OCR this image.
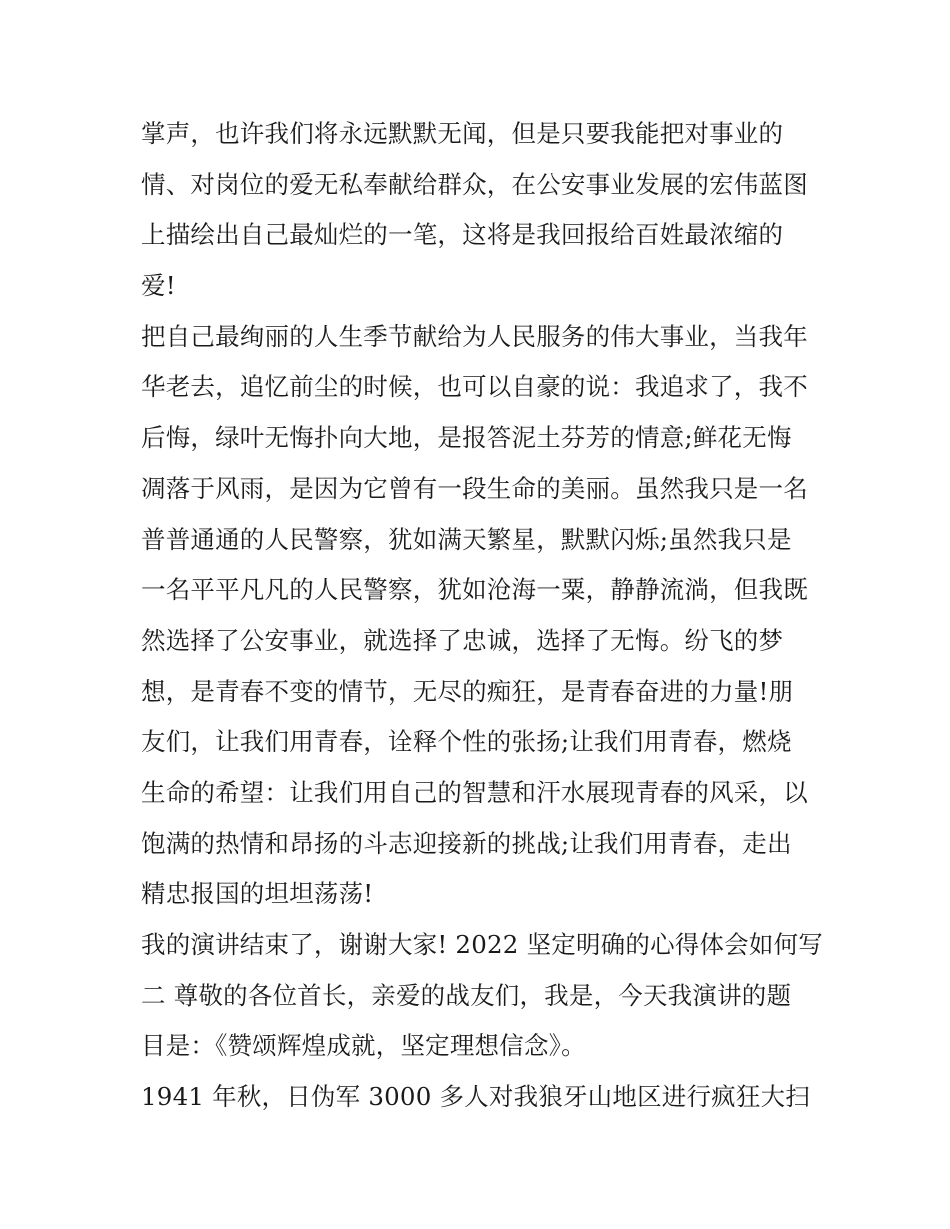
掌声，也许我们将永远默默无闻，但是只要我能把对事业的
情、对岗位的爱无私奉献给群众，在公安事业发展的宏伟蓝图
上描绘出自己最灿烂的一笔，这将是我回报给百姓最浓缩的
爱!
把自己最绚丽的人生季节献给为人民服务的伟大事业，当我年
华老去，追忆前尘的时候，也可以自豪的说：我追求了，我不
后悔，绿叶无悔扑向大地，是报答泥土芬芳的情意;鲜花无悔
凋落于风雨，是因为它曾有一段生命的美丽。虽然我只是一名
普普通通的人民警察，犹如满天繁星，默默闪烁;虽然我只是
一名平平凡凡的人民警察，犹如沧海一粟，静静流淌，但我既
然选择了公安事业，就选择了忠诚，选择了无悔。纷飞的梦
想，是青春不变的情节，无尽的痴狂，是青春奋进的力量!朋
友们，让我们用青春，诠释个性的张扬;让我们用青春，燃烧
生命的希望：让我们用自己的智慧和汗水展现青春的风采，以
饱满的热情和昂扬的斗志迎接新的挑战;让我们用青春，走出
精忠报国的坦坦荡荡!
我的演讲结束了，谢谢大家! 2022 坚定明确的心得体会如何写
二 尊敬的各位首长，亲爱的战友们，我是，今天我演讲的题
目是：《赞颂辉煌成就，坚定理想信念》。
1941 年秋，日伪军 3000 多人对我狼牙山地区进行疯狂大扫
